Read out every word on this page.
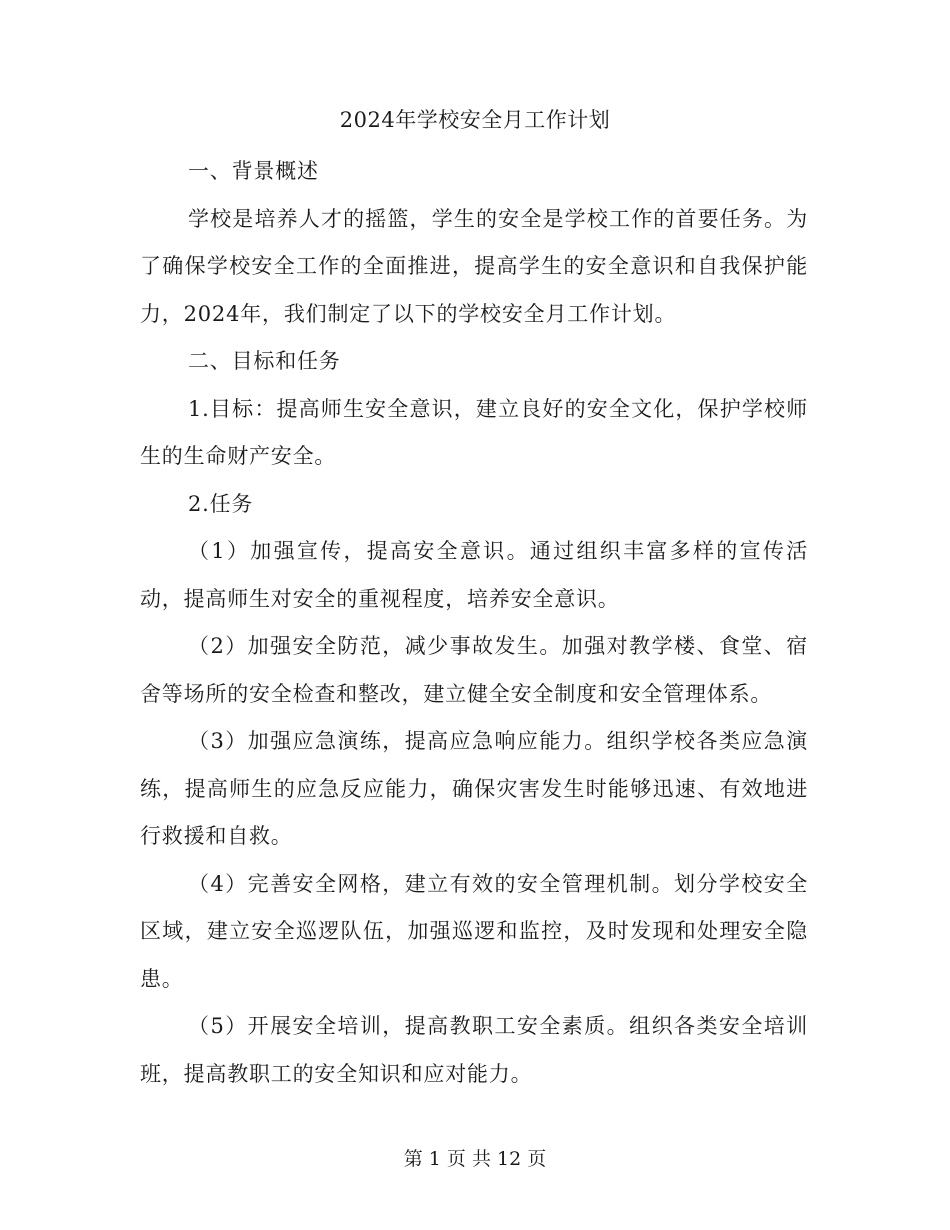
2024年学校安全月工作计划

一、背景概述

学校是培养人才的摇篮，学生的安全是学校工作的首要任务。为了确保学校安全工作的全面推进，提高学生的安全意识和自我保护能力，2024年，我们制定了以下的学校安全月工作计划。

二、目标和任务

1.目标：提高师生安全意识，建立良好的安全文化，保护学校师生的生命财产安全。

2.任务

（1）加强宣传，提高安全意识。通过组织丰富多样的宣传活动，提高师生对安全的重视程度，培养安全意识。

（2）加强安全防范，减少事故发生。加强对教学楼、食堂、宿舍等场所的安全检查和整改，建立健全安全制度和安全管理体系。

（3）加强应急演练，提高应急响应能力。组织学校各类应急演练，提高师生的应急反应能力，确保灾害发生时能够迅速、有效地进行救援和自救。

（4）完善安全网格，建立有效的安全管理机制。划分学校安全区域，建立安全巡逻队伍，加强巡逻和监控，及时发现和处理安全隐患。

（5）开展安全培训，提高教职工安全素质。组织各类安全培训班，提高教职工的安全知识和应对能力。

第 1 页 共 12 页
